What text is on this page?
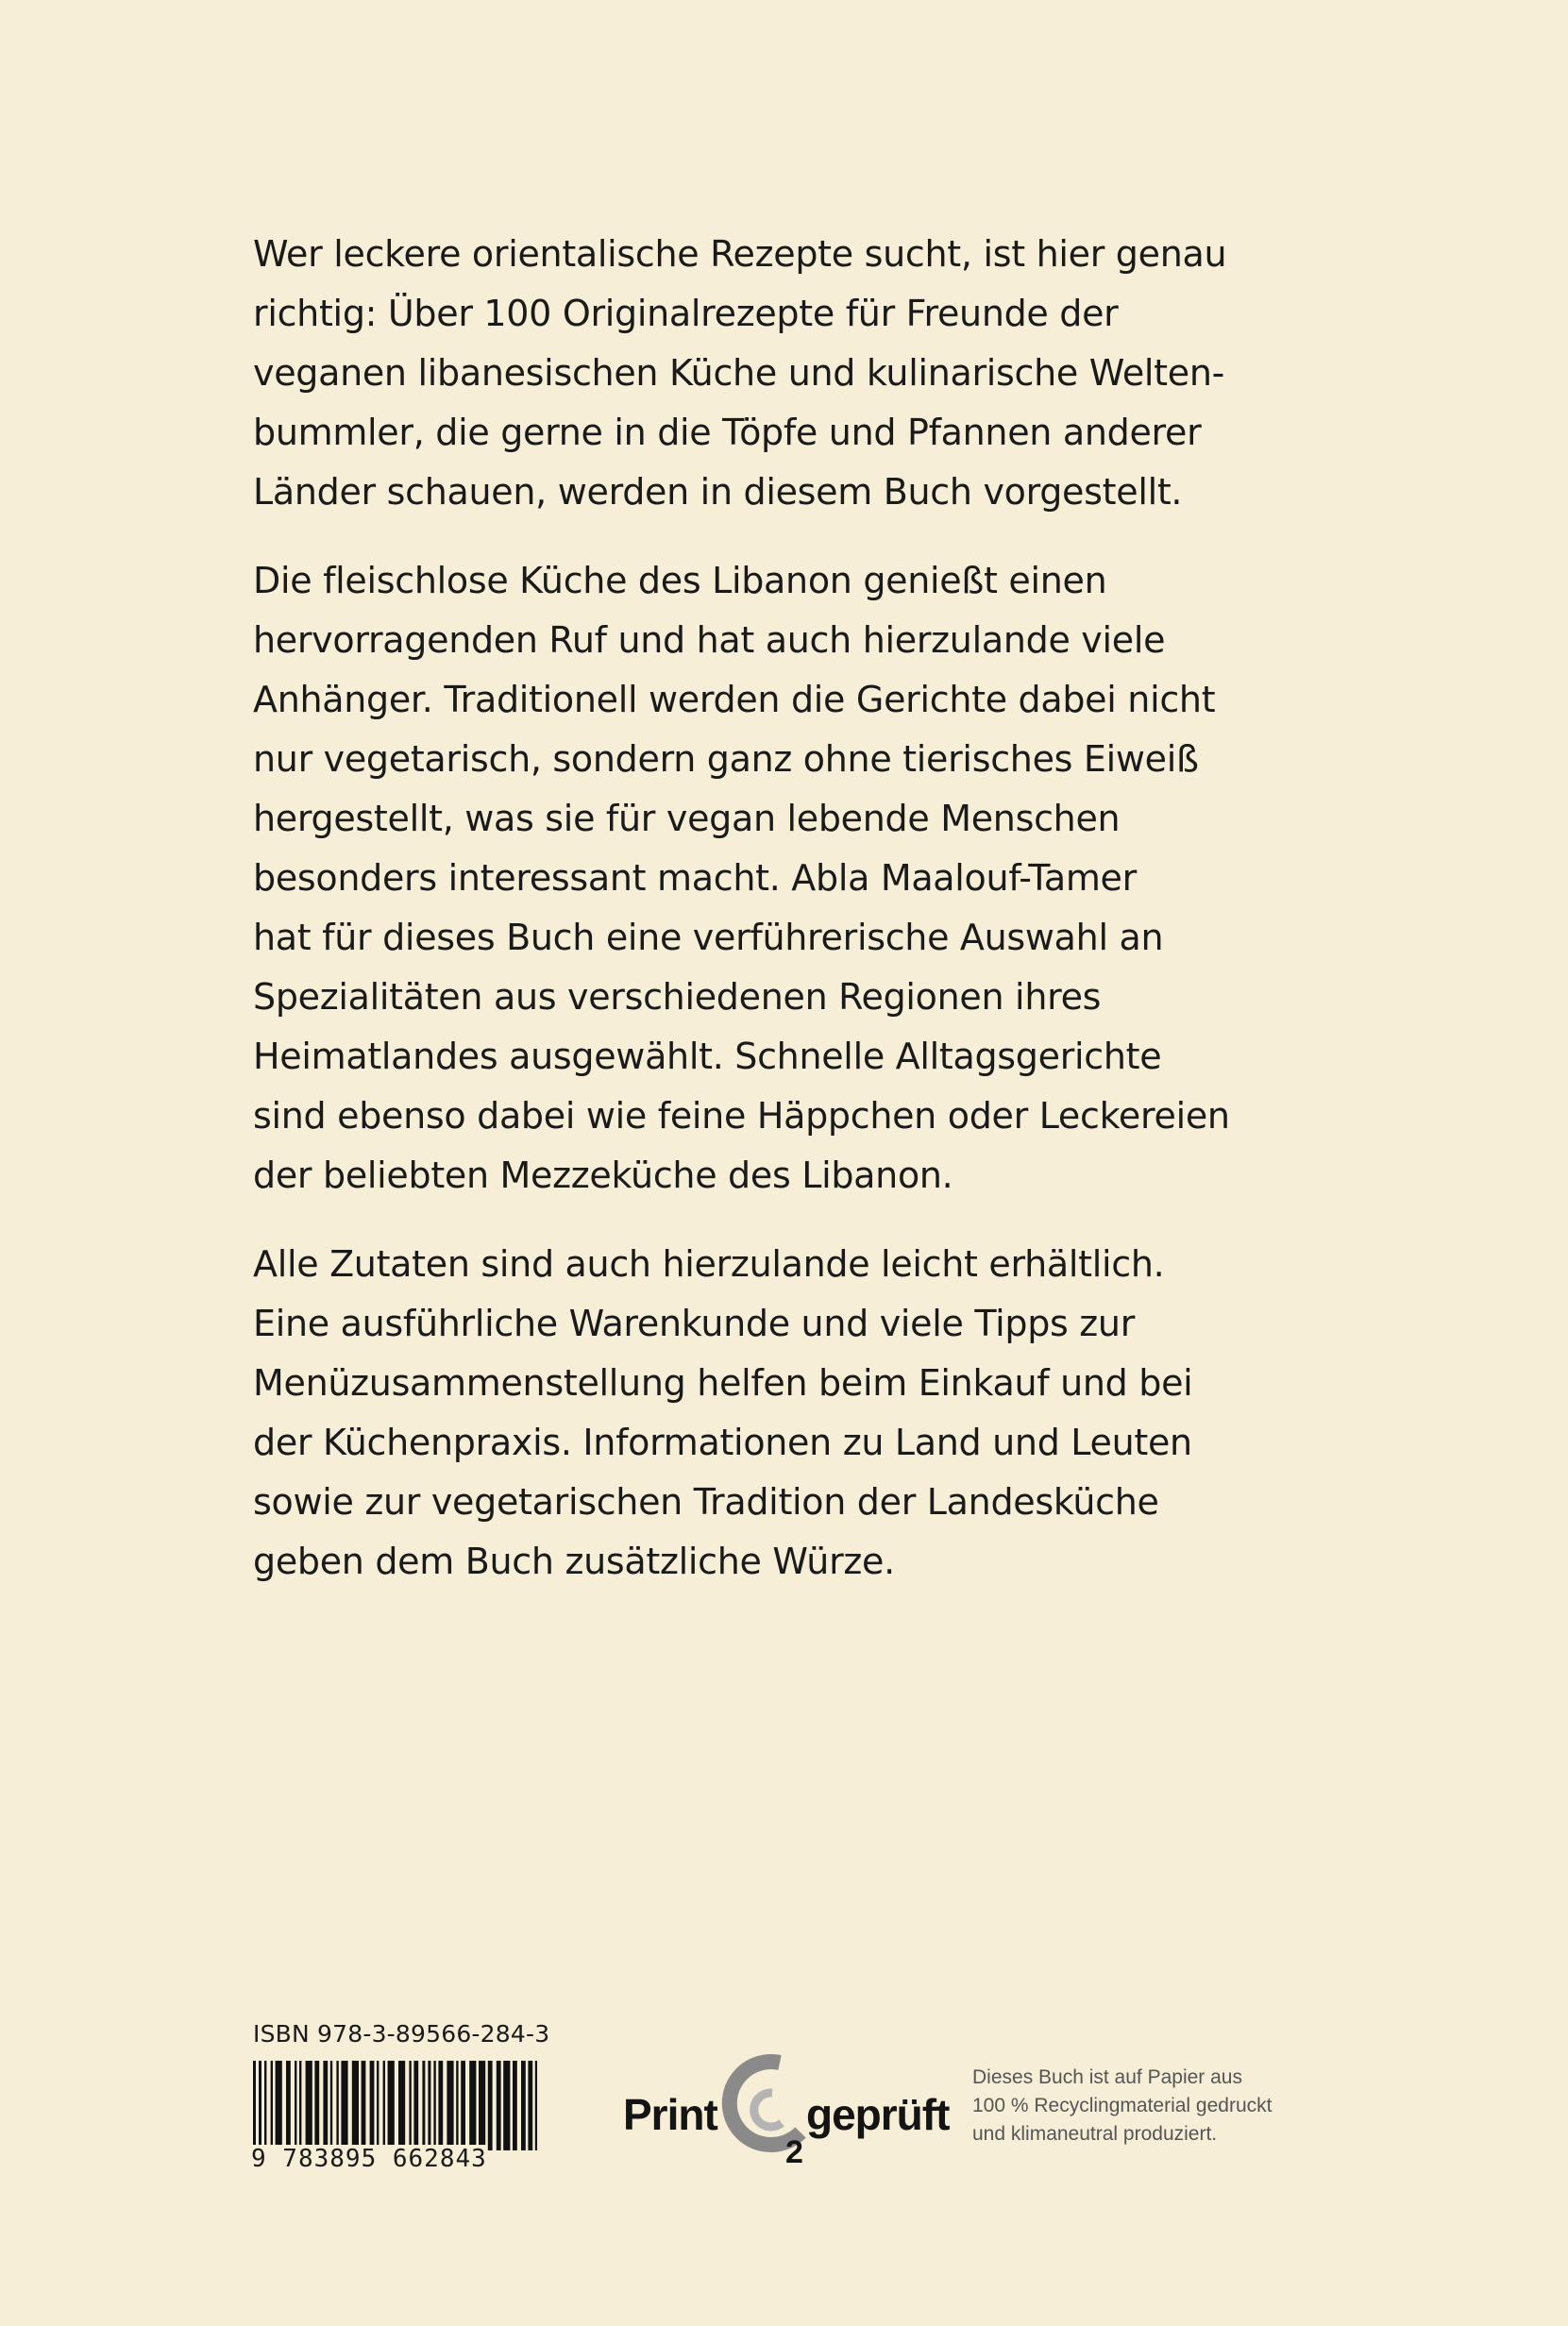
Wer leckere orientalische Rezepte sucht, ist hier genau
richtig: Über 100 Originalrezepte für Freunde der
veganen libanesischen Küche und kulinarische Welten-
bummler, die gerne in die Töpfe und Pfannen anderer
Länder schauen, werden in diesem Buch vorgestellt.

Die fleischlose Küche des Libanon genießt einen
hervorragenden Ruf und hat auch hierzulande viele
Anhänger. Traditionell werden die Gerichte dabei nicht
nur vegetarisch, sondern ganz ohne tierisches Eiweiß
hergestellt, was sie für vegan lebende Menschen
besonders interessant macht. Abla Maalouf-Tamer
hat für dieses Buch eine verführerische Auswahl an
Spezialitäten aus verschiedenen Regionen ihres
Heimatlandes ausgewählt. Schnelle Alltagsgerichte
sind ebenso dabei wie feine Häppchen oder Leckereien
der beliebten Mezzeküche des Libanon.

Alle Zutaten sind auch hierzulande leicht erhältlich.
Eine ausführliche Warenkunde und viele Tipps zur
Menüzusammenstellung helfen beim Einkauf und bei
der Küchenpraxis. Informationen zu Land und Leuten
sowie zur vegetarischen Tradition der Landesküche
geben dem Buch zusätzliche Würze.

ISBN 978-3-89566-284-3
9 783895 662843
Print
2
geprüft
Dieses Buch ist auf Papier aus
100 % Recyclingmaterial gedruckt
und klimaneutral produziert.
